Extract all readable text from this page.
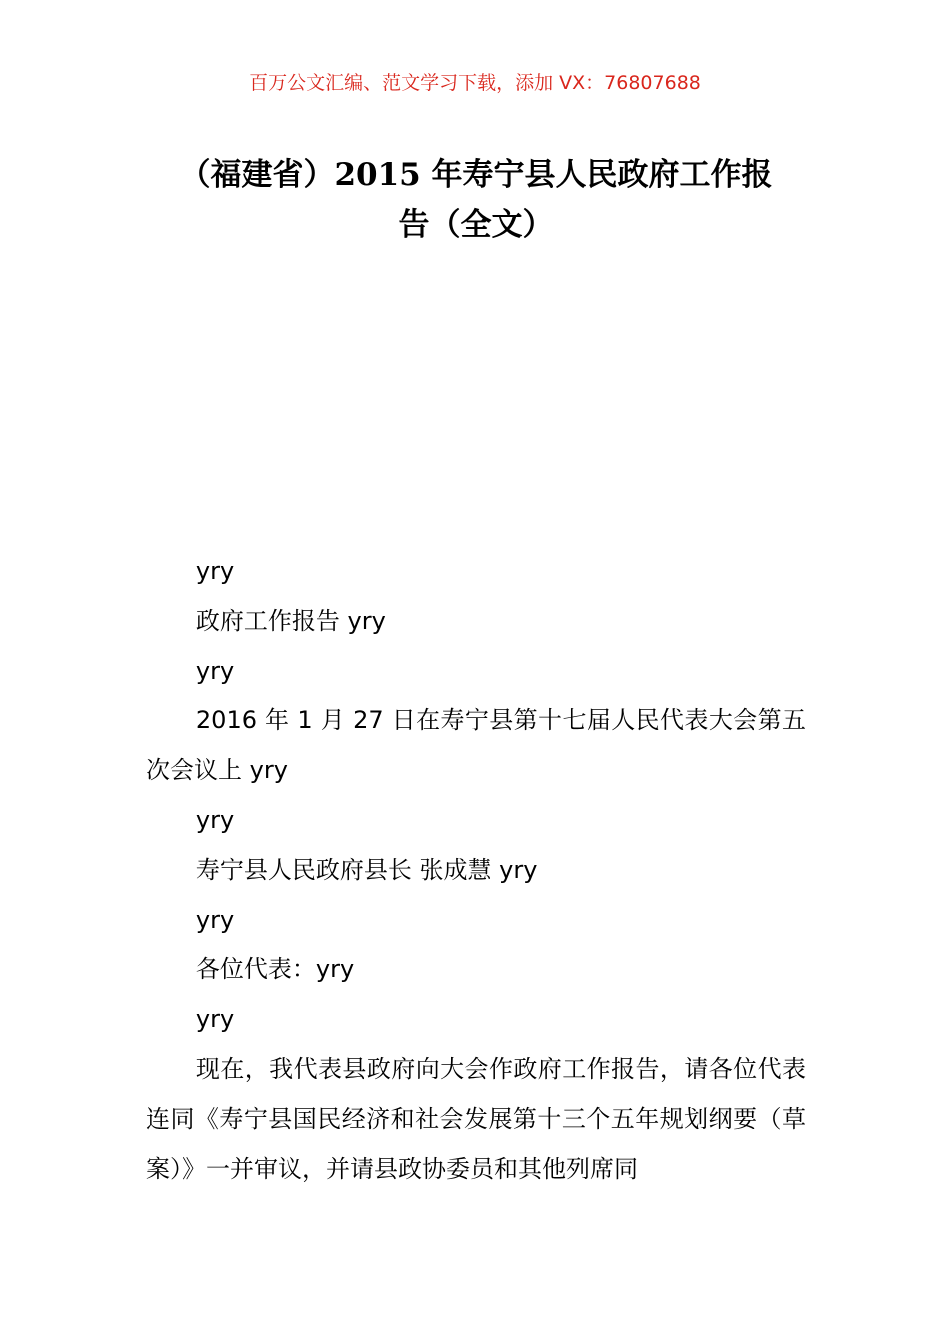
百万公文汇编、范文学习下载，添加 VX：76807688
（福建省）2015 年寿宁县人民政府工作报
告（全文）

yry

政府工作报告 yry

yry

2016 年 1 月 27 日在寿宁县第十七届人民代表大会第五次会议上 yry

yry

寿宁县人民政府县长 张成慧 yry

yry

各位代表：yry

yry

现在，我代表县政府向大会作政府工作报告，请各位代表连同《寿宁县国民经济和社会发展第十三个五年规划纲要（草案）》一并审议，并请县政协委员和其他列席同
